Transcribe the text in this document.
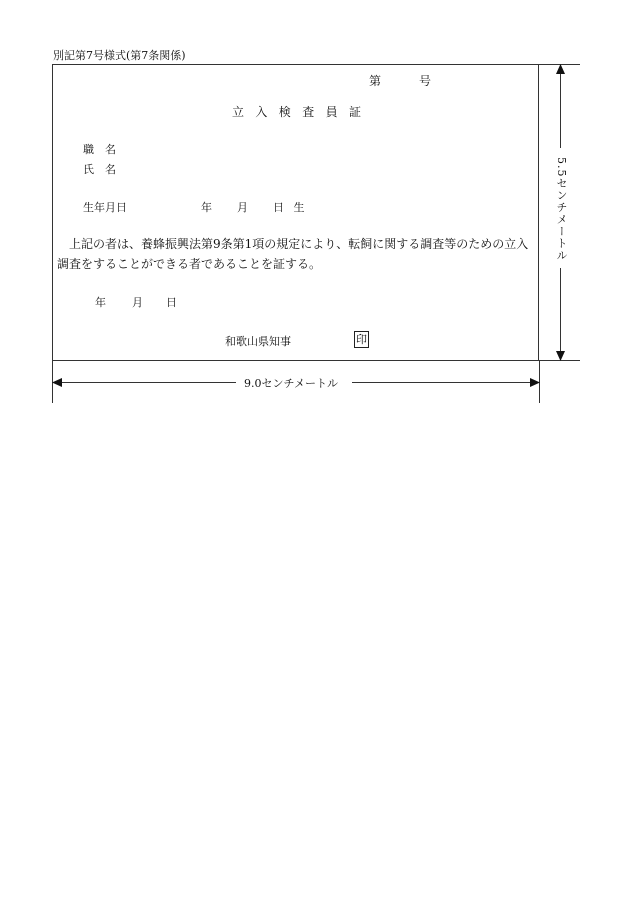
別記第7号様式(第7条関係)
第	号
立入検査員証
職　名
氏　名
生年月日	年 月 日 生
上記の者は、養蜂振興法第9条第1項の規定により、転飼に関する調査等のための立入調査をすることができる者であることを証する。
年 月 日
和歌山県知事	印
5.5センチメートル
9.0センチメートル
